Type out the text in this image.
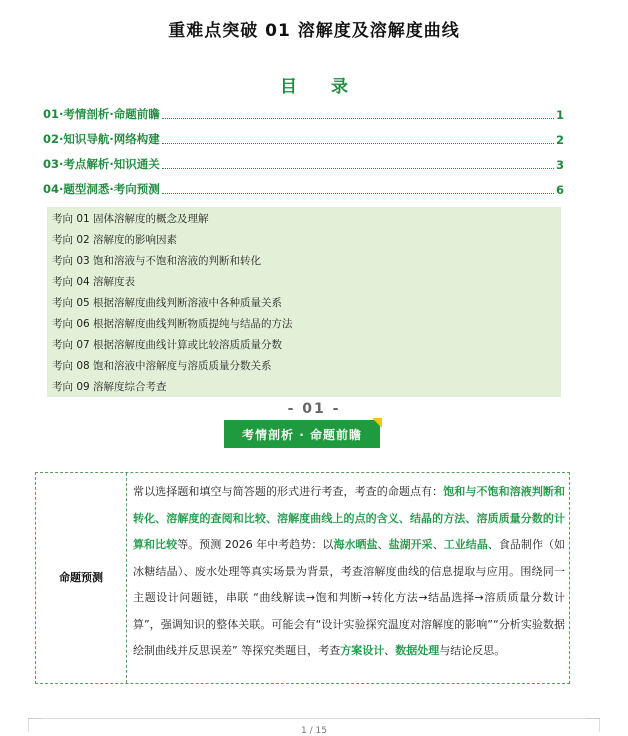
重难点突破 01 溶解度及溶解度曲线
目 录
01·考情剖析·命题前瞻	1
02·知识导航·网络构建	2
03·考点解析·知识通关	3
04·题型洞悉·考向预测	6
考向 01 固体溶解度的概念及理解
考向 02 溶解度的影响因素
考向 03 饱和溶液与不饱和溶液的判断和转化
考向 04 溶解度表
考向 05 根据溶解度曲线判断溶液中各种质量关系
考向 06 根据溶解度曲线判断物质提纯与结晶的方法
考向 07 根据溶解度曲线计算或比较溶质质量分数
考向 08 饱和溶液中溶解度与溶质质量分数关系
考向 09 溶解度综合考查
- 01 -
考情剖析 · 命题前瞻
命题预测
常以选择题和填空与简答题的形式进行考查，考查的命题点有：饱和与不饱和溶液判断和转化、溶解度的查阅和比较、溶解度曲线上的点的含义、结晶的方法、溶质质量分数的计算和比较等。预测 2026 年中考趋势：以海水晒盐、盐湖开采、工业结晶、食品制作（如冰糖结晶）、废水处理等真实场景为背景，考查溶解度曲线的信息提取与应用。围绕同一主题设计问题链，串联 “曲线解读→饱和判断→转化方法→结晶选择→溶质质量分数计算”，强调知识的整体关联。可能会有“设计实验探究温度对溶解度的影响”“分析实验数据绘制曲线并反思误差” 等探究类题目，考查方案设计、数据处理与结论反思。
1 / 15
